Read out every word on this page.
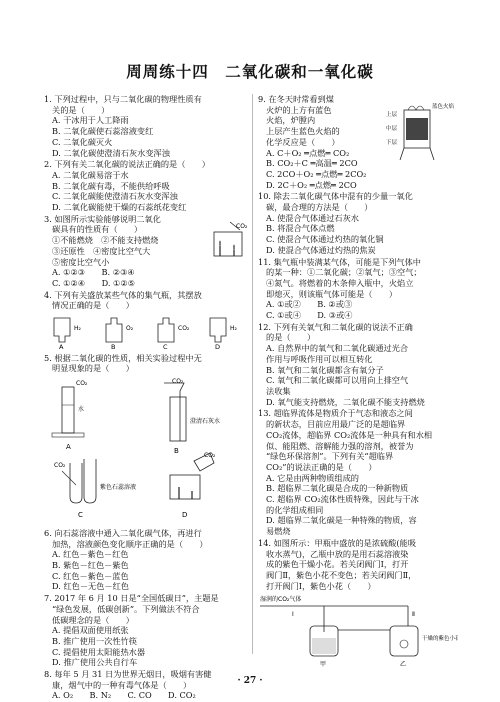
周周练十四　二氧化碳和一氧化碳
1. 下列过程中，只与二氧化碳的物理性质有
关的是（　　）
A. 干冰用于人工降雨
B. 二氧化碳使石蕊溶液变红
C. 二氧化碳灭火
D. 二氧化碳使澄清石灰水变浑浊
2. 下列有关二氧化碳的说法正确的是（　　）
A. 二氧化碳易溶于水
B. 二氧化碳有毒，不能供给呼吸
C. 二氧化碳能使澄清石灰水变浑浊
D. 二氧化碳能使干燥的石蕊纸花变红
3. 如图所示实验能够说明二氧化
碳具有的性质有（　　）
①不能燃烧　②不能支持燃烧
③还原性　④密度比空气大
⑤密度比空气小
A. ①②③　　B. ②③④
C. ①②④　　D. ①②⑤
CO₂
4. 下列有关盛放某些气体的集气瓶，其摆放
情况正确的是（　　）
H₂
A
O₂
B
CO₂
C
H₂
D
5. 根据二氧化碳的性质，相关实验过程中无
明显现象的是（　　）
CO₂
水
A
CO₂
澄清石灰水
B
CO₂
紫色石蕊溶液
C
CO₂
D
6. 向石蕊溶液中通入二氧化碳气体，再进行
加热，溶液颜色变化顺序正确的是（　　）
A. 红色－紫色－红色
B. 紫色－红色－紫色
C. 红色－紫色－蓝色
D. 红色－无色－红色
7. 2017 年 6 月 10 日是“全国低碳日”，主题是
“绿色发展，低碳创新”。下列做法不符合
低碳理念的是（　　）
A. 提倡双面使用纸张
B. 推广使用一次性竹筷
C. 提倡使用太阳能热水器
D. 推广使用公共自行车
8. 每年 5 月 31 日为世界无烟日，吸烟有害健
康，烟气中的一种有毒气体是（　　）
A. O₂　　B. N₂　　C. CO　　D. CO₂
9. 在冬天时常看到煤
火炉的上方有蓝色
火焰，炉膛内
上层产生蓝色火焰的
化学反应是（　　）
A. C＋O₂ ═点燃═ CO₂
B. CO₂＋C ═高温═ 2CO
C. 2CO＋O₂ ═点燃═ 2CO₂
D. 2C＋O₂ ═点燃═ 2CO
上层
中层
下层
蓝色火焰
10. 除去二氧化碳气体中混有的少量一氧化
碳，最合理的方法是（　　）
A. 使混合气体通过石灰水
B. 将混合气体点燃
C. 使混合气体通过灼热的氧化铜
D. 使混合气体通过灼热的焦炭
11. 集气瓶中装满某气体，可能是下列气体中
的某一种：①二氧化碳；②氧气；③空气；
④氮气。将燃着的木条伸入瓶中，火焰立
即熄灭，则该瓶气体可能是（　　）
A. ①或②　　B. ②或③
C. ①或④　　D. ③或④
12. 下列有关氧气和二氧化碳的说法不正确
的是（　　）
A. 自然界中的氧气和二氧化碳通过光合
作用与呼吸作用可以相互转化
B. 氧气和二氧化碳都含有氧分子
C. 氧气和二氧化碳都可以用向上排空气
法收集
D. 氧气能支持燃烧，二氧化碳不能支持燃烧
13. 超临界流体是物质介于气态和液态之间
的新状态，目前应用最广泛的是超临界
CO₂流体，超临界 CO₂流体是一种具有和水相
似、能阻燃、溶解能力强的溶剂，被誉为
“绿色环保溶剂”。下列有关“超临界
CO₂”的说法正确的是（　　）
A. 它是由两种物质组成的
B. 超临界二氧化碳是合成的一种新物质
C. 超临界 CO₂流体性质特殊，因此与干冰
的化学组成相同
D. 超临界二氧化碳是一种特殊的物质，容
易燃烧
14. 如图所示：甲瓶中盛放的是浓硫酸(能吸
收水蒸气)，乙瓶中放的是用石蕊溶液染
成的紫色干燥小花。若关闭阀门Ⅰ，打开
阀门Ⅱ，紫色小花不变色；若关闭阀门Ⅱ，
打开阀门Ⅰ，紫色小花（　　）
湿润的CO₂气体
Ⅰ	Ⅱ
甲	乙
干燥的紫色小花
· 27 ·
